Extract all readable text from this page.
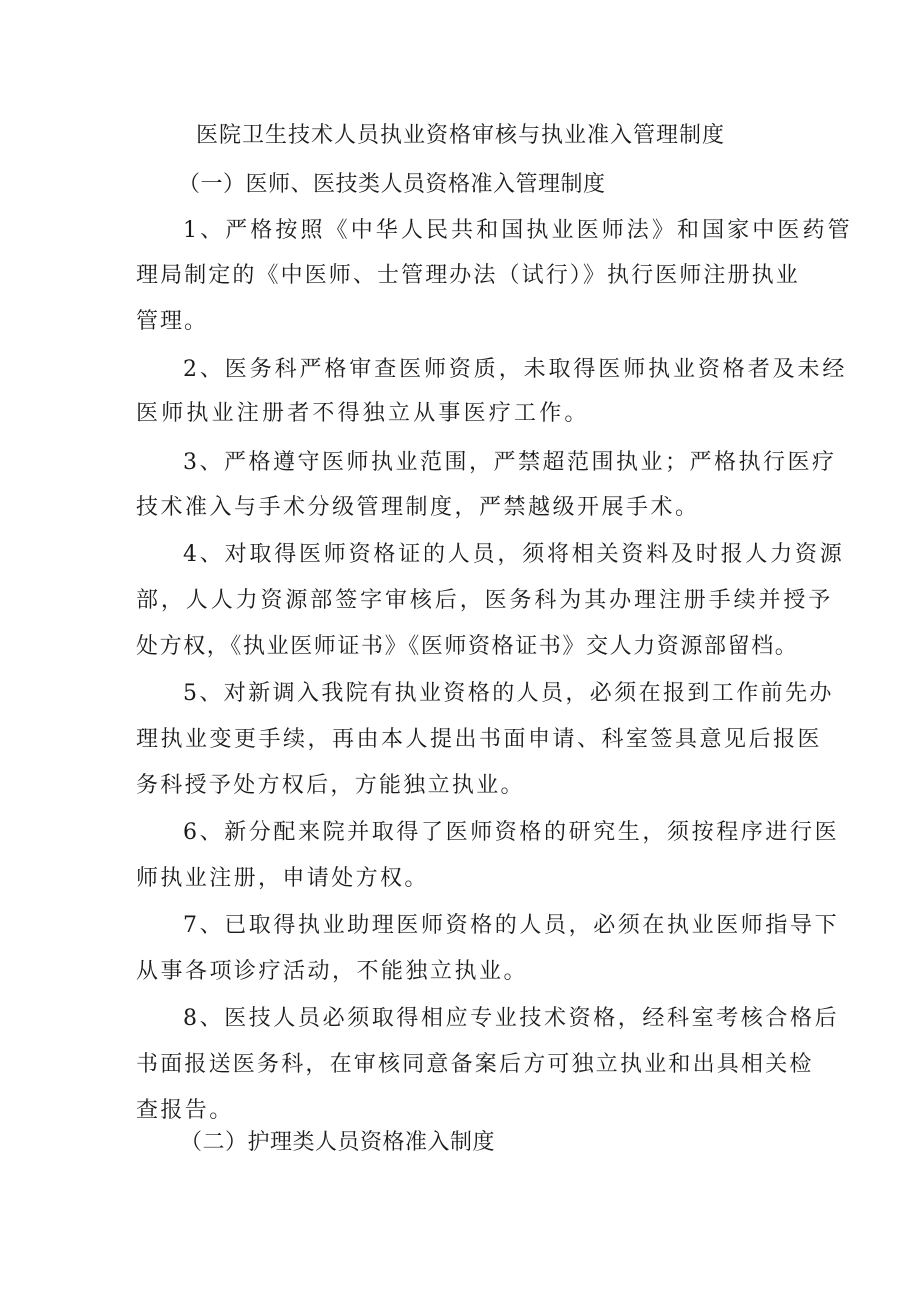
医院卫生技术人员执业资格审核与执业准入管理制度
（一）医师、医技类人员资格准入管理制度
1、严格按照《中华人民共和国执业医师法》和国家中医药管
理局制定的《中医师、士管理办法（试行）》执行医师注册执业
管理。
2、医务科严格审查医师资质，未取得医师执业资格者及未经
医师执业注册者不得独立从事医疗工作。
3、严格遵守医师执业范围，严禁超范围执业；严格执行医疗
技术准入与手术分级管理制度，严禁越级开展手术。
4、对取得医师资格证的人员，须将相关资料及时报人力资源
部，人人力资源部签字审核后，医务科为其办理注册手续并授予
处方权，《执业医师证书》《医师资格证书》交人力资源部留档。
5、对新调入我院有执业资格的人员，必须在报到工作前先办
理执业变更手续，再由本人提出书面申请、科室签具意见后报医
务科授予处方权后，方能独立执业。
6、新分配来院并取得了医师资格的研究生，须按程序进行医
师执业注册，申请处方权。
7、已取得执业助理医师资格的人员，必须在执业医师指导下
从事各项诊疗活动，不能独立执业。
8、医技人员必须取得相应专业技术资格，经科室考核合格后
书面报送医务科，在审核同意备案后方可独立执业和出具相关检
查报告。
（二）护理类人员资格准入制度
